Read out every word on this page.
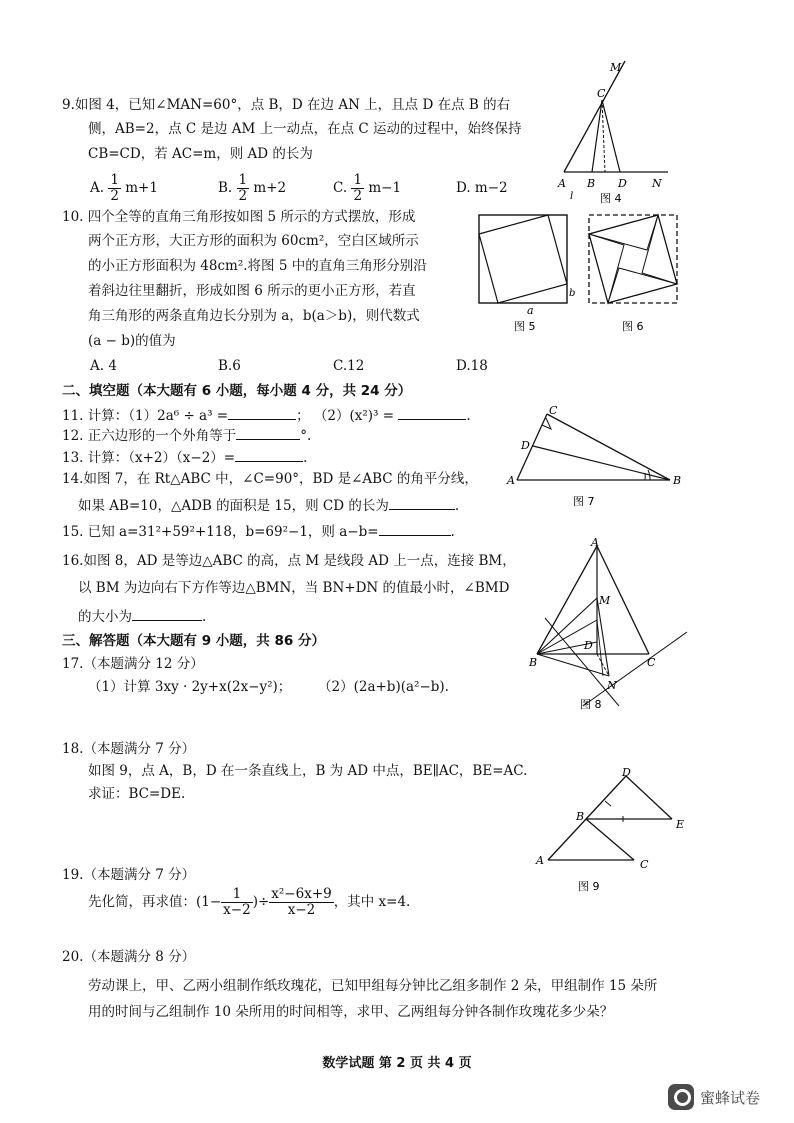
9.如图 4，已知∠MAN=60°，点 B，D 在边 AN 上，且点 D 在点 B 的右
侧，AB=2，点 C 是边 AM 上一动点，在点 C 运动的过程中，始终保持
CB=CD，若 AC=m，则 AD 的长为
A. $\frac{1}{2} m+1$	B. $\frac{1}{2} m+2$	C. $\frac{1}{2} m-1$	D. m−2
M
C
A B D N
l 图 4
10. 四个全等的直角三角形按如图 5 所示的方式摆放，形成
两个正方形，大正方形的面积为 60cm²，空白区域所示
的小正方形面积为 48cm².将图 5 中的直角三角形分别沿
着斜边往里翻折，形成如图 6 所示的更小正方形，若直
角三角形的两条直角边长分别为 a，b(a＞b)，则代数式
(a − b)的值为
A. 4	B.6	C.12	D.18
a
b
图 5	图 6
二、填空题（本大题有 6 小题，每小题 4 分，共 24 分）
11. 计算：（1）2a⁶ ÷ a³ =	； （2）(x²)³ =	.
12. 正六边形的一个外角等于	°.
13. 计算：（x+2）（x−2）=	.
14.如图 7，在 Rt△ABC 中，∠C=90°，BD 是∠ABC 的角平分线，
如果 AB=10，△ADB 的面积是 15，则 CD 的长为	.
C
D
A	B
图 7
15. 已知 a=31²+59²+118，b=69²−1，则 a−b=	.
16.如图 8，AD 是等边△ABC 的高，点 M 是线段 AD 上一点，连接 BM，
以 BM 为边向右下方作等边△BMN，当 BN+DN 的值最小时，∠BMD
的大小为	.
A
M
D
B	C
N
图 8
三、解答题（本大题有 9 小题，共 86 分）
17.（本题满分 12 分）
（1）计算 3xy · 2y+x(2x−y²)； （2）(2a+b)(a²−b).
18.（本题满分 7 分）
如图 9，点 A，B，D 在一条直线上，B 为 AD 中点，BE∥AC，BE=AC.
求证：BC=DE.
D
B
E
A	C
图 9
19.（本题满分 7 分）
先化简，再求值：($1- \frac{1}{x-2}$ )÷ $\frac{\text{x²−6x+9}}{x-2}$ ，其中 x=4.
20.（本题满分 8 分）
劳动课上，甲、乙两小组制作纸玫瑰花，已知甲组每分钟比乙组多制作 2 朵，甲组制作 15 朵所
用的时间与乙组制作 10 朵所用的时间相等，求甲、乙两组每分钟各制作玫瑰花多少朵？
数学试题 第 2 页 共 4 页
蜜蜂试卷
